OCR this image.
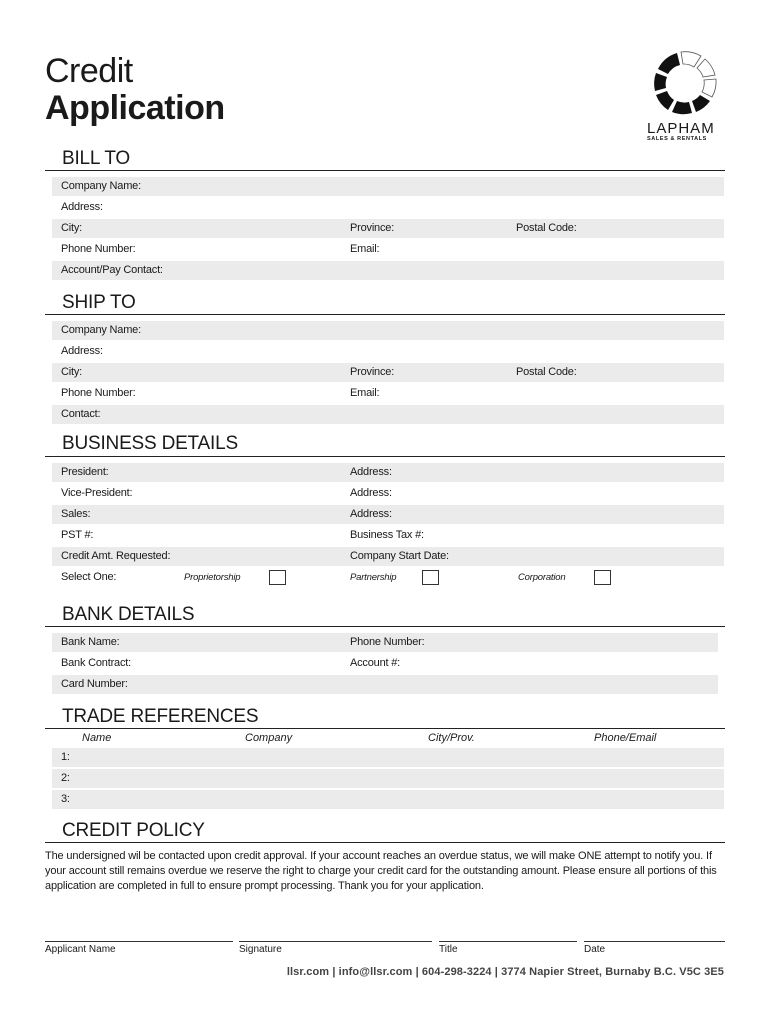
Credit
Application
LAPHAM
SALES & RENTALS
BILL TO
Company Name:
Address:
City:	Province:	Postal Code:
Phone Number:	Email:
Account/Pay Contact:
SHIP TO
Company Name:
Address:
City:	Province:	Postal Code:
Phone Number:	Email:
Contact:
BUSINESS DETAILS
President:	Address:
Vice-President:	Address:
Sales:	Address:
PST #:	Business Tax #:
Credit Amt. Requested:	Company Start Date:
Select One:	Proprietorship	Partnership	Corporation
BANK DETAILS
Bank Name:	Phone Number:
Bank Contract:	Account #:
Card Number:
TRADE REFERENCES
Name	Company	City/Prov.	Phone/Email
1:
2:
3:
CREDIT POLICY
The undersigned wil be contacted upon credit approval. If your account reaches an overdue status, we will make ONE attempt to notify you. If your account still remains overdue we reserve the right to charge your credit card for the outstanding amount. Please ensure all portions of this application are completed in full to ensure prompt processing. Thank you for your application.
Applicant Name	Signature	Title	Date
llsr.com | info@llsr.com | 604-298-3224 | 3774 Napier Street, Burnaby B.C. V5C 3E5
